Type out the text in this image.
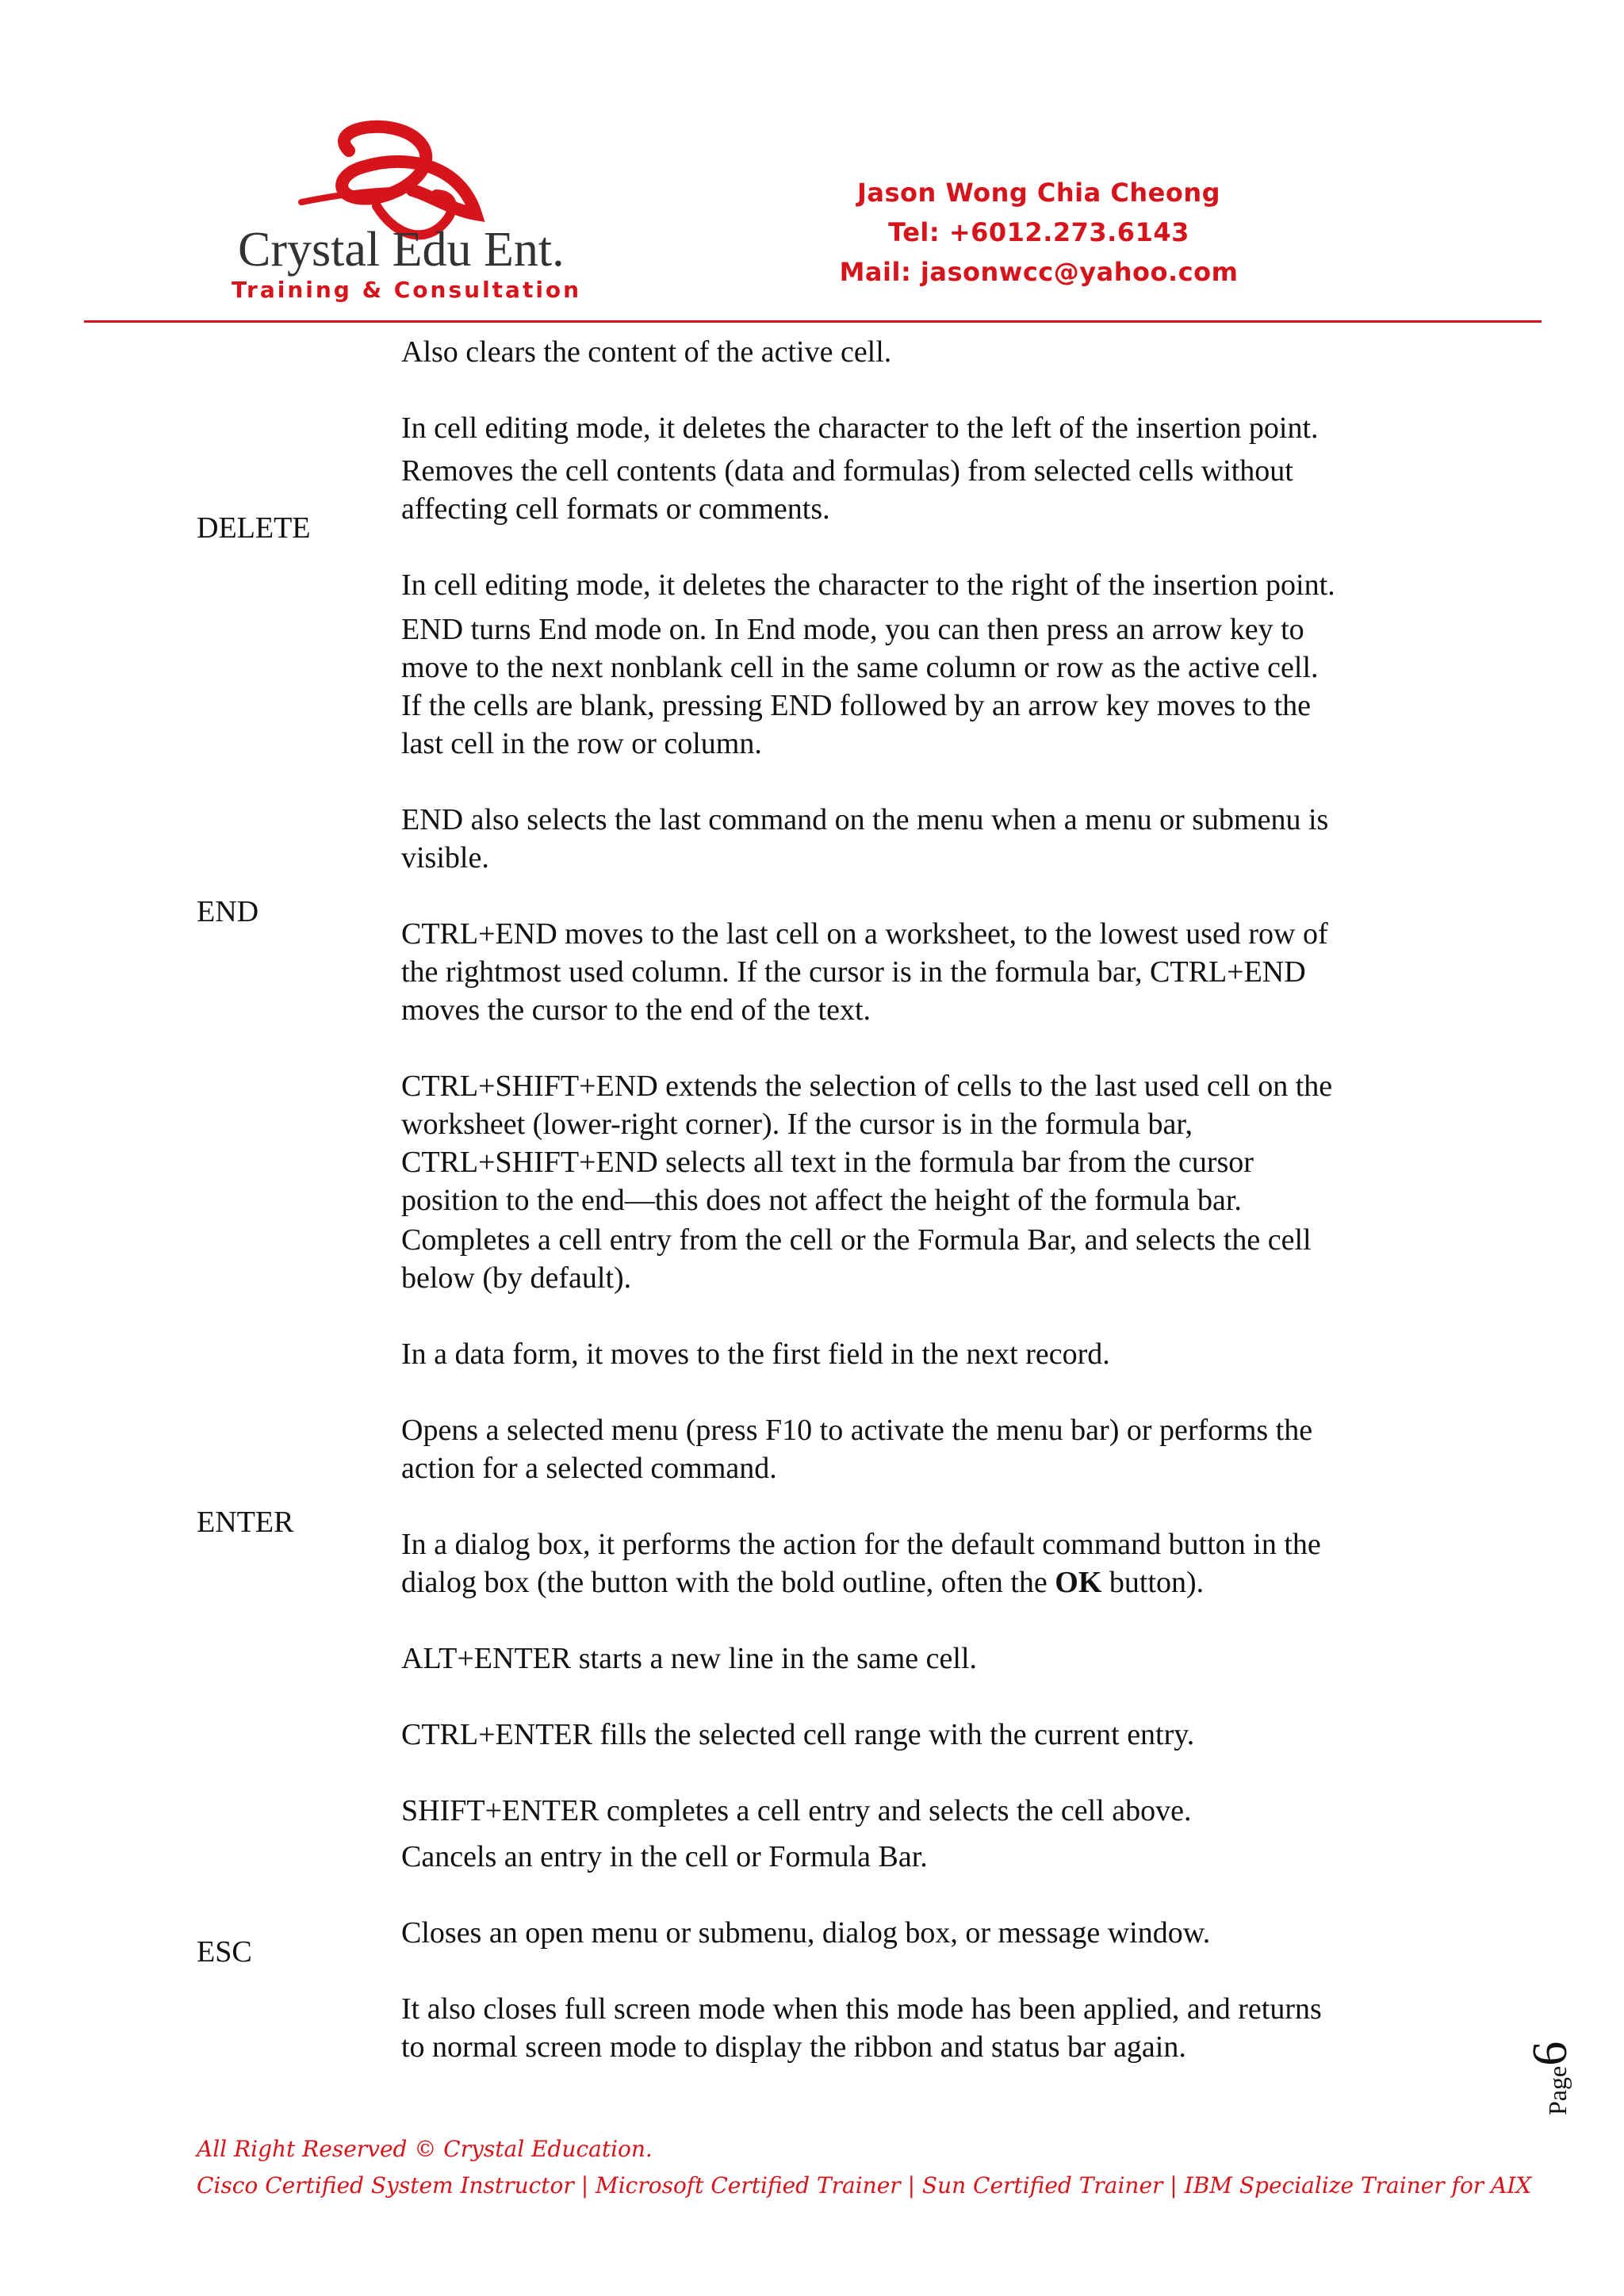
Crystal Edu Ent.
Training & Consultation
Jason Wong Chia Cheong
Tel: +6012.273.6143
Mail: jasonwcc@yahoo.com

Also clears the content of the active cell.

In cell editing mode, it deletes the character to the left of the insertion point.

DELETE

Removes the cell contents (data and formulas) from selected cells without
affecting cell formats or comments.

In cell editing mode, it deletes the character to the right of the insertion point.

END

END turns End mode on. In End mode, you can then press an arrow key to
move to the next nonblank cell in the same column or row as the active cell.
If the cells are blank, pressing END followed by an arrow key moves to the
last cell in the row or column.

END also selects the last command on the menu when a menu or submenu is
visible.

CTRL+END moves to the last cell on a worksheet, to the lowest used row of
the rightmost used column. If the cursor is in the formula bar, CTRL+END
moves the cursor to the end of the text.

CTRL+SHIFT+END extends the selection of cells to the last used cell on the
worksheet (lower-right corner). If the cursor is in the formula bar,
CTRL+SHIFT+END selects all text in the formula bar from the cursor
position to the end—this does not affect the height of the formula bar.

ENTER

Completes a cell entry from the cell or the Formula Bar, and selects the cell
below (by default).

In a data form, it moves to the first field in the next record.

Opens a selected menu (press F10 to activate the menu bar) or performs the
action for a selected command.

In a dialog box, it performs the action for the default command button in the
dialog box (the button with the bold outline, often the OK button).

ALT+ENTER starts a new line in the same cell.

CTRL+ENTER fills the selected cell range with the current entry.

SHIFT+ENTER completes a cell entry and selects the cell above.

ESC

Cancels an entry in the cell or Formula Bar.

Closes an open menu or submenu, dialog box, or message window.

It also closes full screen mode when this mode has been applied, and returns
to normal screen mode to display the ribbon and status bar again.

Page6
All Right Reserved © Crystal Education.
Cisco Certified System Instructor | Microsoft Certified Trainer | Sun Certified Trainer | IBM Specialize Trainer for AIX
